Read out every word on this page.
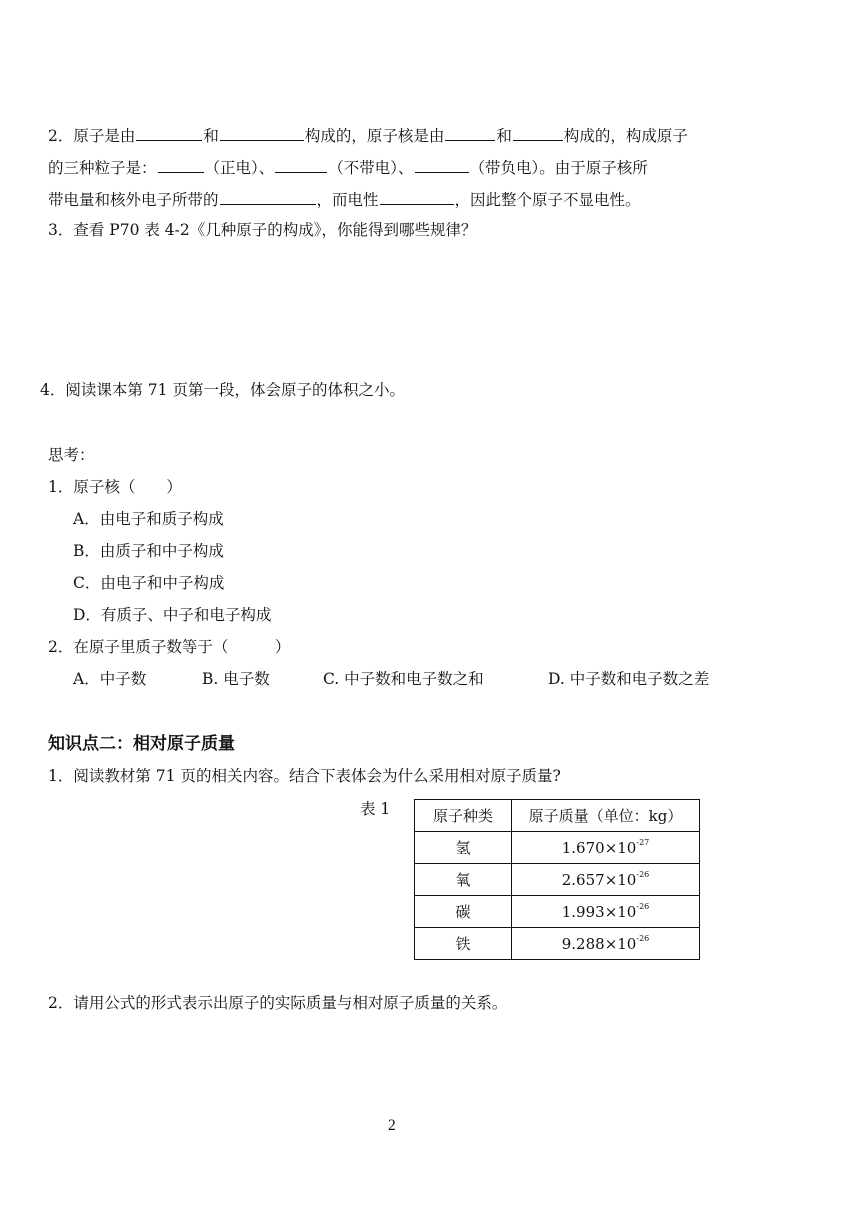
2．原子是由	和	构成的，原子核是由	和	构成的，构成原子
的三种粒子是：	（正电）、	（不带电）、	（带负电）。由于原子核所
带电量和核外电子所带的	，而电性	，因此整个原子不显电性。
3．查看 P70 表 4-2《几种原子的构成》，你能得到哪些规律？
4．阅读课本第 71 页第一段，体会原子的体积之小。
思考：
1．原子核（　　）
A．由电子和质子构成
B．由质子和中子构成
C．由电子和中子构成
D．有质子、中子和电子构成
2．在原子里质子数等于（　　　）
A．中子数	B. 电子数	C. 中子数和电子数之和	D. 中子数和电子数之差
知识点二：相对原子质量
1．阅读教材第 71 页的相关内容。结合下表体会为什么采用相对原子质量?
表 1	原子种类	原子质量（单位：kg）
氢	$1.670\times 10^{-27}$
氧	$2.657\times 10^{-26}$
碳	$1.993\times 10^{-26}$
铁	$9.288\times 10^{-26}$
2．请用公式的形式表示出原子的实际质量与相对原子质量的关系。
2
